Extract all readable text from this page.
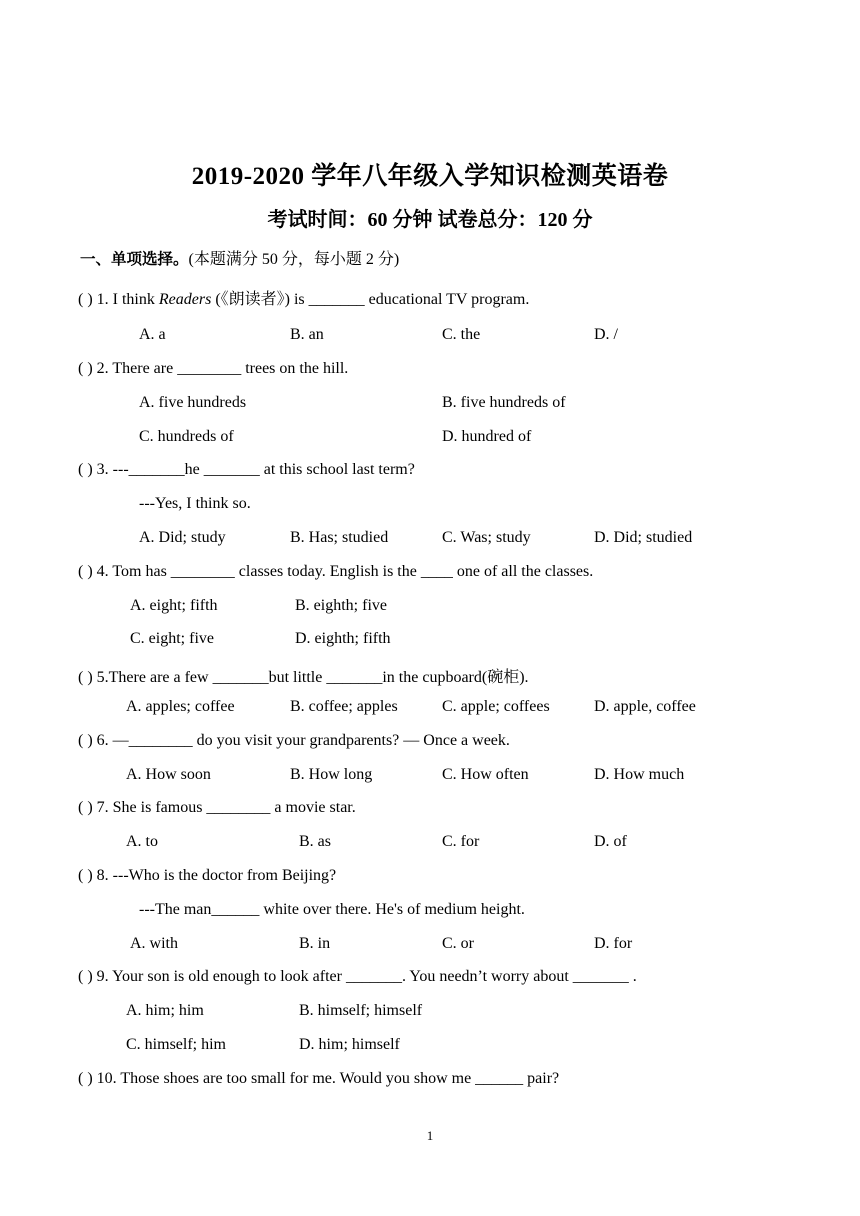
2019-2020 学年八年级入学知识检测英语卷
考试时间：60 分钟 试卷总分：120 分
一、单项选择。(本题满分 50 分，每小题 2 分)
( ) 1. I think Readers (《朗读者》) is _______ educational TV program.
A. a	B. an	C. the	D. /
( ) 2. There are ________ trees on the hill.
A. five hundreds	B. five hundreds of
C. hundreds of	D. hundred of
( ) 3. ---_______he _______ at this school last term?
---Yes, I think so.
A. Did; study	B. Has; studied	C. Was; study	D. Did; studied
( ) 4. Tom has ________ classes today. English is the ____ one of all the classes.
A. eight; fifth	B. eighth; five
C. eight; five	D. eighth; fifth
( ) 5.There are a few _______but little _______in the cupboard(碗柜).
A. apples; coffee	B. coffee; apples	C. apple; coffees	D. apple, coffee
( ) 6. —________ do you visit your grandparents? — Once a week.
A. How soon	B. How long	C. How often	D. How much
( ) 7. She is famous ________ a movie star.
A. to	B. as	C. for	D. of
( ) 8. ---Who is the doctor from Beijing?
---The man______ white over there. He's of medium height.
A. with	B. in	C. or	D. for
( ) 9. Your son is old enough to look after _______. You needn’t worry about _______ .
A. him; him	B. himself; himself
C. himself; him	D. him; himself
( ) 10. Those shoes are too small for me. Would you show me ______ pair?
1
